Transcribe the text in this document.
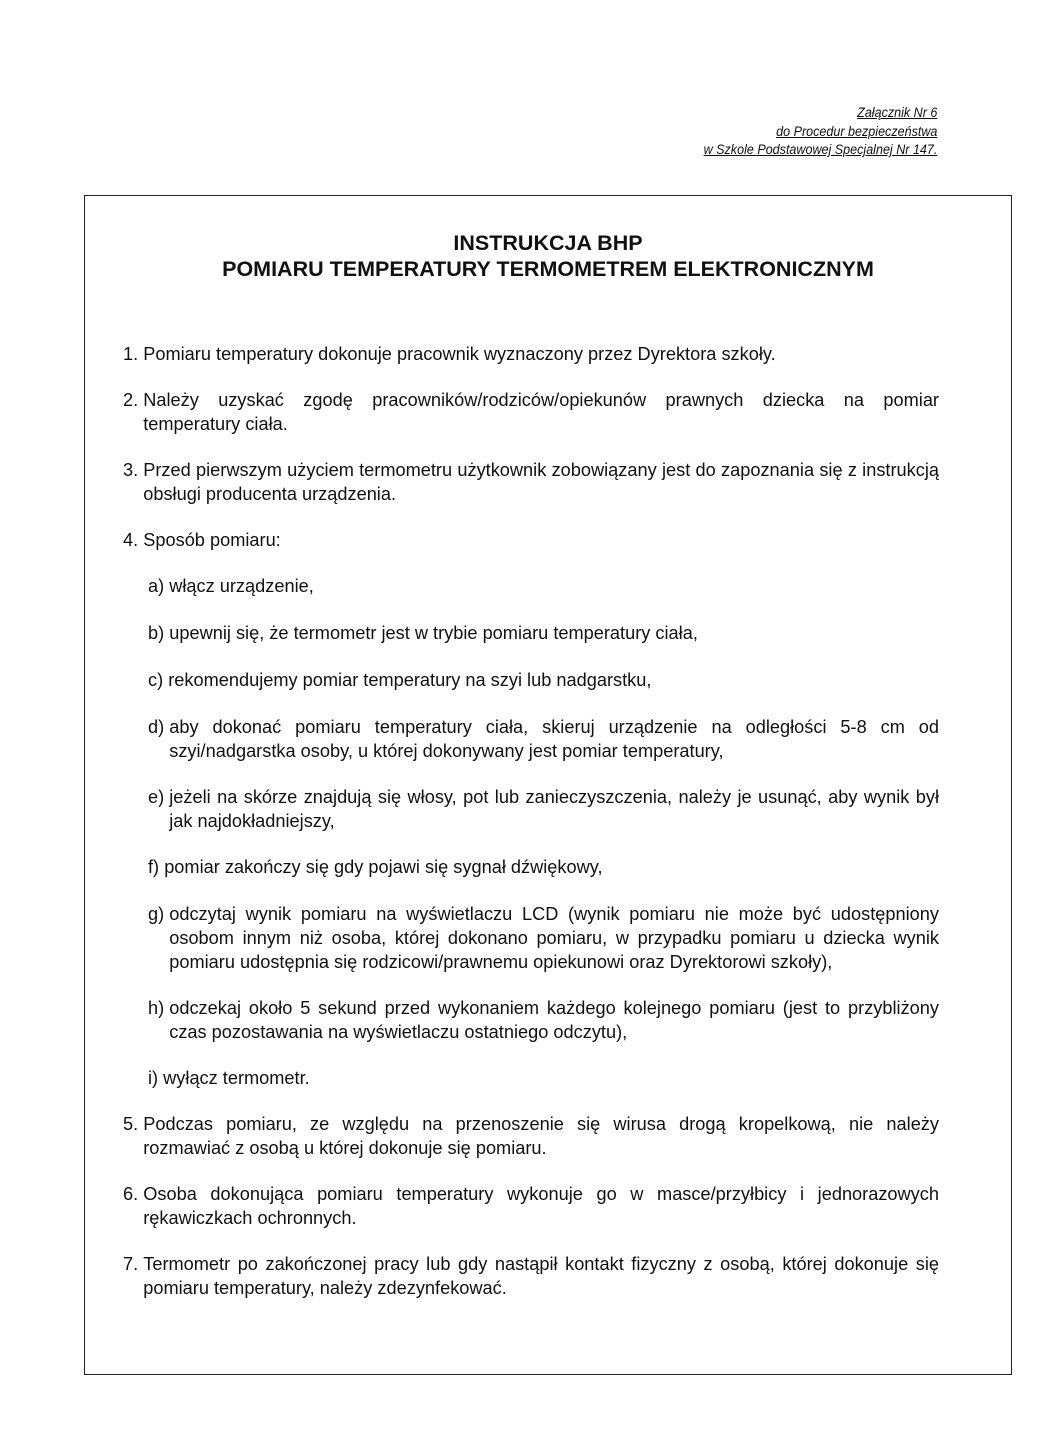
Załącznik Nr 6
do Procedur bezpieczeństwa
w Szkole Podstawowej Specjalnej Nr 147.
INSTRUKCJA BHP
POMIARU TEMPERATURY TERMOMETREM ELEKTRONICZNYM
1.
Pomiaru temperatury dokonuje pracownik wyznaczony przez Dyrektora szkoły.
2.
Należy uzyskać zgodę pracowników/rodziców/opiekunów prawnych dziecka na pomiar temperatury ciała.
3.
Przed pierwszym użyciem termometru użytkownik zobowiązany jest do zapoznania się z instrukcją obsługi producenta urządzenia.
4.
Sposób pomiaru:
a)
włącz urządzenie,
b)
upewnij się, że termometr jest w trybie pomiaru temperatury ciała,
c)
rekomendujemy pomiar temperatury na szyi lub nadgarstku,
d)
aby dokonać pomiaru temperatury ciała, skieruj urządzenie na odległości 5-8 cm od szyi/nadgarstka osoby, u której dokonywany jest pomiar temperatury,
e)
jeżeli na skórze znajdują się włosy, pot lub zanieczyszczenia, należy je usunąć, aby wynik był jak najdokładniejszy,
f)
pomiar zakończy się gdy pojawi się sygnał dźwiękowy,
g)
odczytaj wynik pomiaru na wyświetlaczu LCD (wynik pomiaru nie może być udostępniony osobom innym niż osoba, której dokonano pomiaru, w przypadku pomiaru u dziecka wynik pomiaru udostępnia się rodzicowi/prawnemu opiekunowi oraz Dyrektorowi szkoły),
h)
odczekaj około 5 sekund przed wykonaniem każdego kolejnego pomiaru (jest to przybliżony czas pozostawania na wyświetlaczu ostatniego odczytu),
i)
wyłącz termometr.
5.
Podczas pomiaru, ze względu na przenoszenie się wirusa drogą kropelkową, nie należy rozmawiać z osobą u której dokonuje się pomiaru.
6.
Osoba dokonująca pomiaru temperatury wykonuje go w masce/przyłbicy i jednorazowych rękawiczkach ochronnych.
7.
Termometr po zakończonej pracy lub gdy nastąpił kontakt fizyczny z osobą, której dokonuje się pomiaru temperatury, należy zdezynfekować.
